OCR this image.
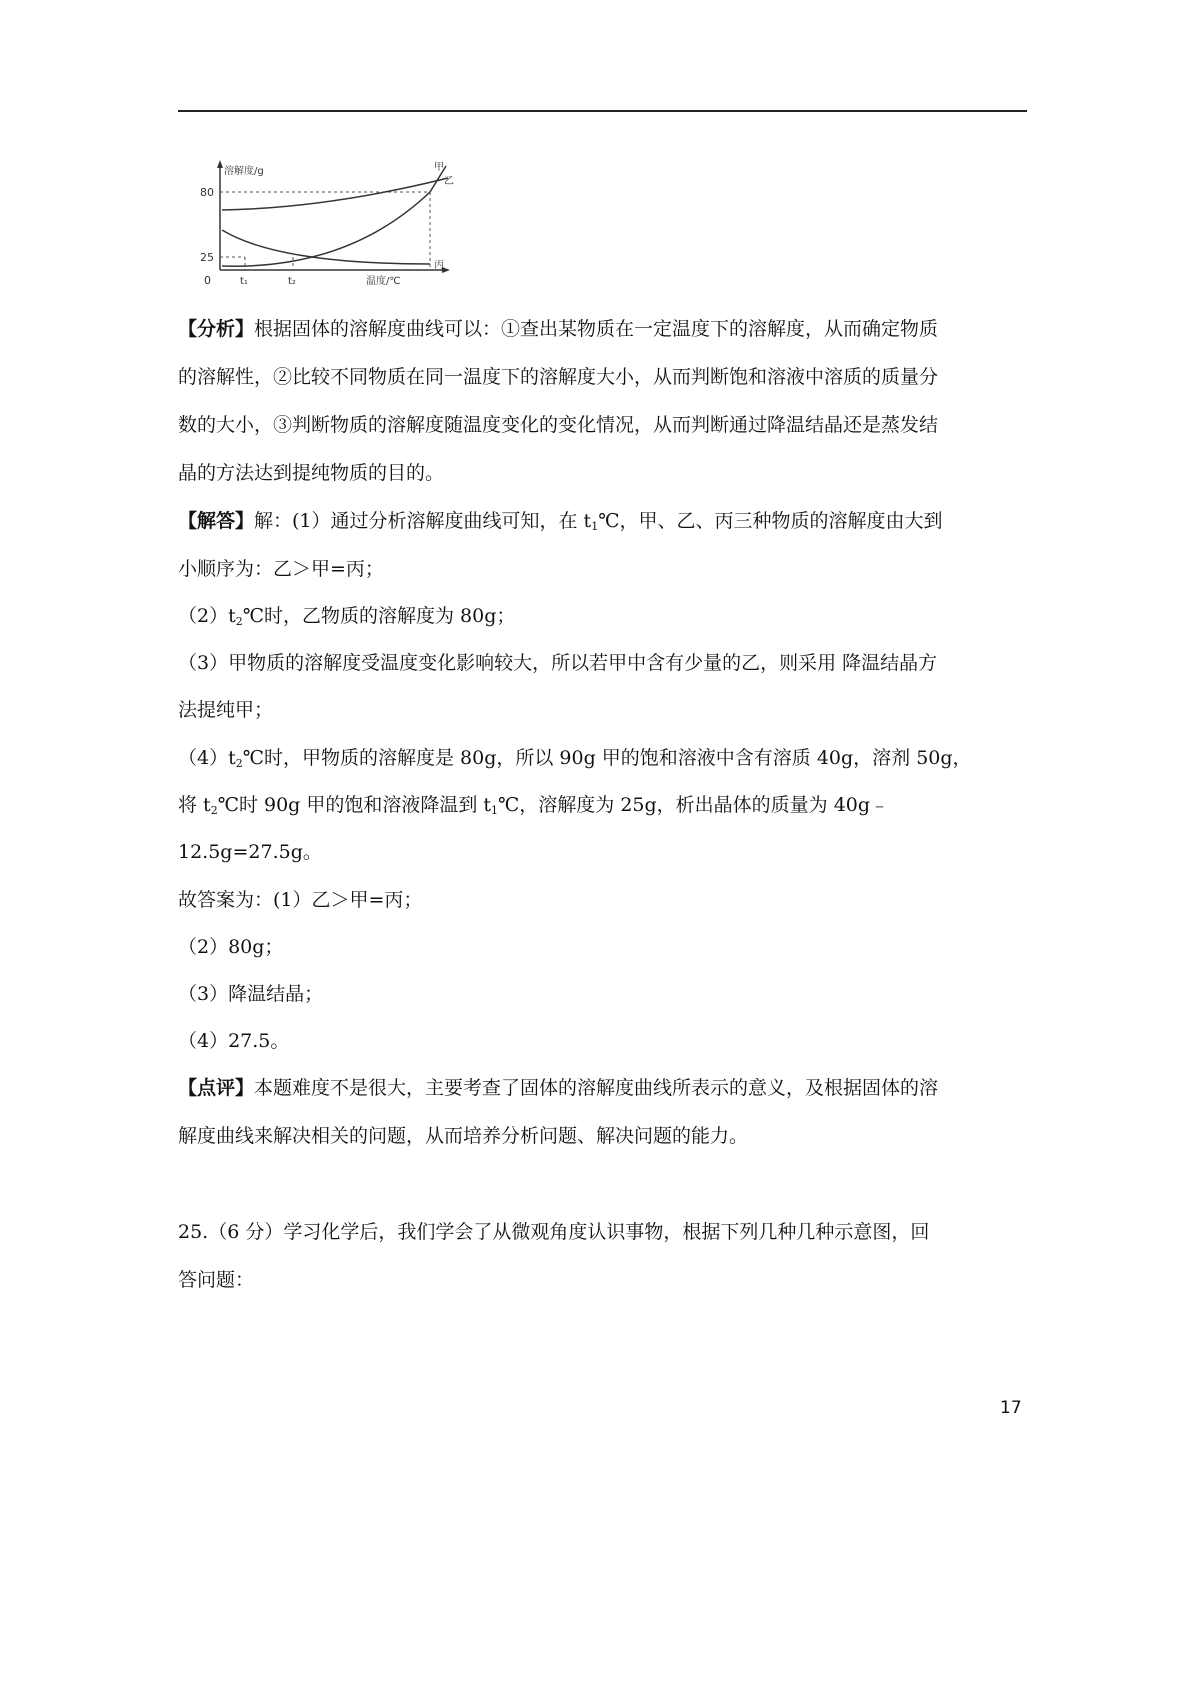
溶解度/g
温度/℃
80
25
0	t₁	t₂
甲
乙
丙
【分析】根据固体的溶解度曲线可以：①查出某物质在一定温度下的溶解度，从而确定物质
的溶解性，②比较不同物质在同一温度下的溶解度大小，从而判断饱和溶液中溶质的质量分
数的大小，③判断物质的溶解度随温度变化的变化情况，从而判断通过降温结晶还是蒸发结
晶的方法达到提纯物质的目的。
【解答】解：(1）通过分析溶解度曲线可知，在 $t_1℃$，甲、乙、丙三种物质的溶解度由大到
小顺序为：乙＞甲=丙；
$(2)t_2℃$时，乙物质的溶解度为 80g；
（3）甲物质的溶解度受温度变化影响较大，所以若甲中含有少量的乙，则采用 降温结晶方
法提纯甲；
$(4)t_2℃$时，甲物质的溶解度是 80g，所以 90g 甲的饱和溶液中含有溶质 40g，溶剂 50g，
将 $t_2℃$时 90g 甲的饱和溶液降温到 $t_1℃$，溶解度为 25g，析出晶体的质量为 40g﹣
12.5g=27.5g。
故答案为：(1）乙＞甲=丙；
（2）80g；
（3）降温结晶；
（4）27.5。
【点评】本题难度不是很大，主要考查了固体的溶解度曲线所表示的意义，及根据固体的溶
解度曲线来解决相关的问题，从而培养分析问题、解决问题的能力。
25.（6 分）学习化学后，我们学会了从微观角度认识事物，根据下列几种几种示意图，回
答问题：
17
